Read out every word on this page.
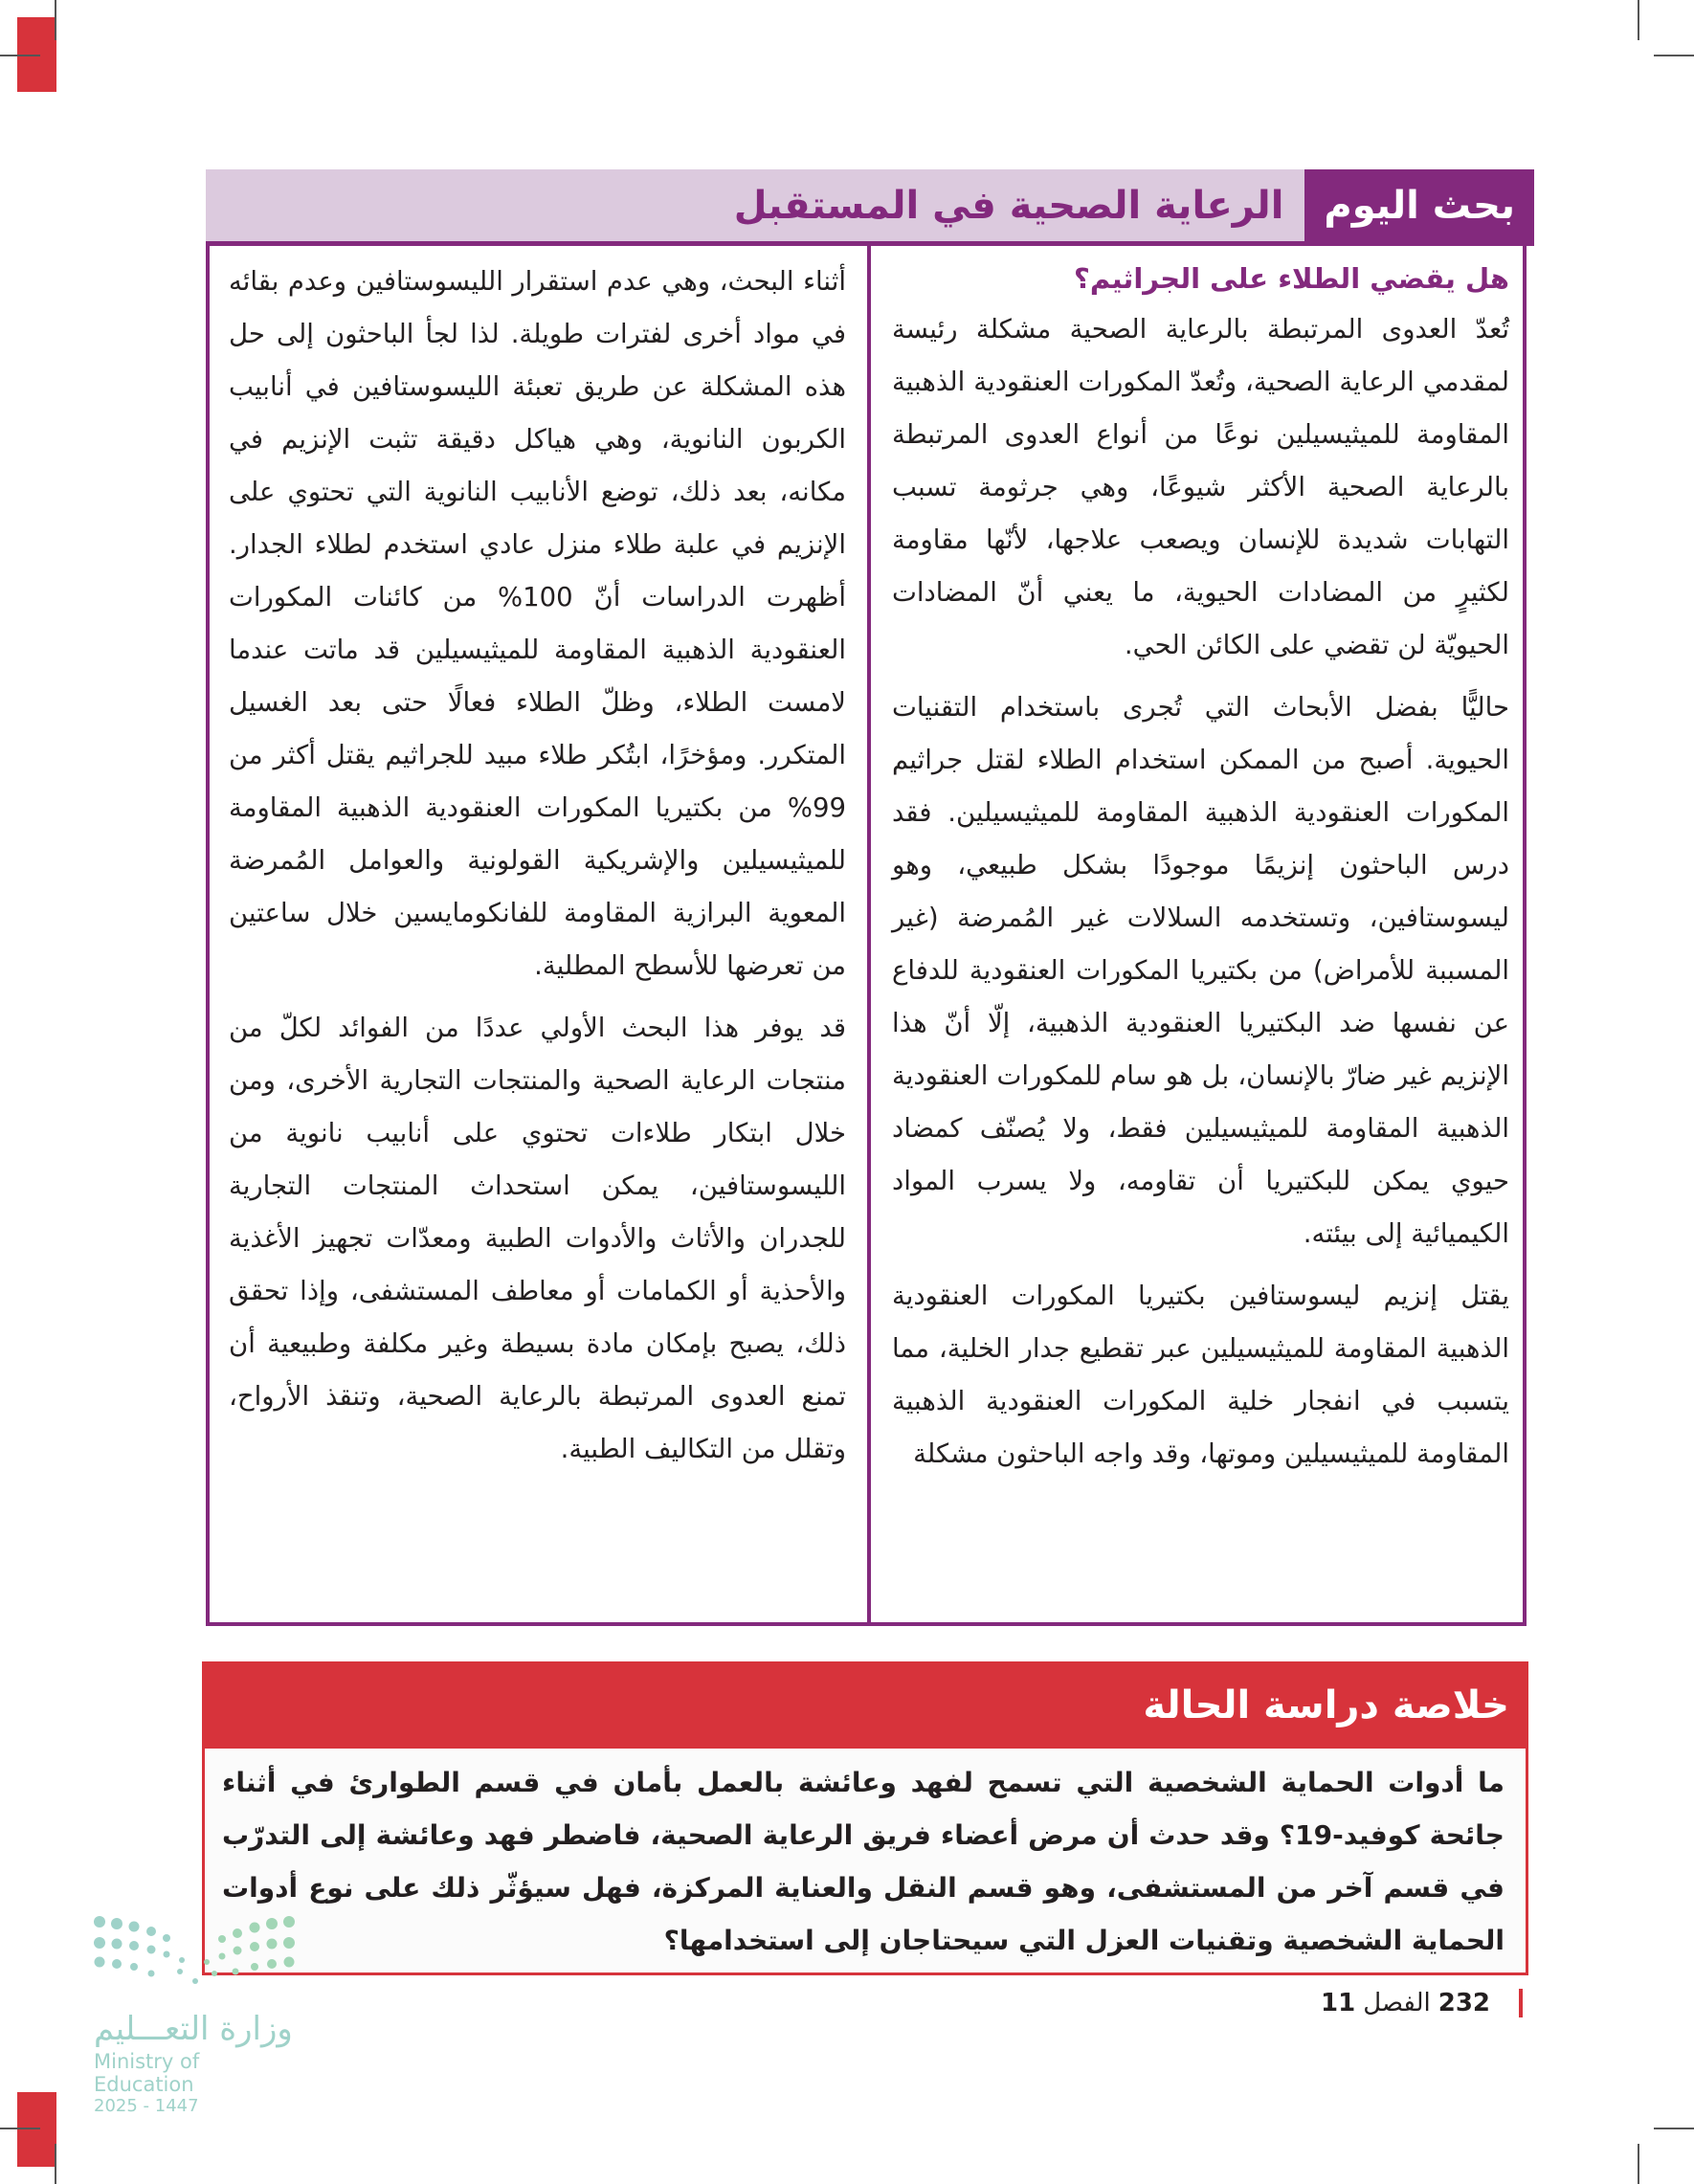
بحث اليوم
الرعاية الصحية في المستقبل
هل يقضي الطلاء على الجراثيم؟

تُعدّ العدوى المرتبطة بالرعاية الصحية مشكلة رئيسة لمقدمي الرعاية الصحية، وتُعدّ المكورات العنقودية الذهبية المقاومة للميثيسيلين نوعًا من أنواع العدوى المرتبطة بالرعاية الصحية الأكثر شيوعًا، وهي جرثومة تسبب التهابات شديدة للإنسان ويصعب علاجها، لأنّها مقاومة لكثيرٍ من المضادات الحيوية، ما يعني أنّ المضادات الحيويّة لن تقضي على الكائن الحي.

حاليًّا بفضل الأبحاث التي تُجرى باستخدام التقنيات الحيوية. أصبح من الممكن استخدام الطلاء لقتل جراثيم المكورات العنقودية الذهبية المقاومة للميثيسيلين. فقد درس الباحثون إنزيمًا موجودًا بشكل طبيعي، وهو ليسوستافين، وتستخدمه السلالات غير المُمرضة (غير المسببة للأمراض) من بكتيريا المكورات العنقودية للدفاع عن نفسها ضد البكتيريا العنقودية الذهبية، إلّا أنّ هذا الإنزيم غير ضارّ بالإنسان، بل هو سام للمكورات العنقودية الذهبية المقاومة للميثيسيلين فقط، ولا يُصنّف كمضاد حيوي يمكن للبكتيريا أن تقاومه، ولا يسرب المواد الكيميائية إلى بيئته.

يقتل إنزيم ليسوستافين بكتيريا المكورات العنقودية الذهبية المقاومة للميثيسيلين عبر تقطيع جدار الخلية، مما يتسبب في انفجار خلية المكورات العنقودية الذهبية المقاومة للميثيسيلين وموتها، وقد واجه الباحثون مشكلة

أثناء البحث، وهي عدم استقرار الليسوستافين وعدم بقائه في مواد أخرى لفترات طويلة. لذا لجأ الباحثون إلى حل هذه المشكلة عن طريق تعبئة الليسوستافين في أنابيب الكربون النانوية، وهي هياكل دقيقة تثبت الإنزيم في مكانه، بعد ذلك، توضع الأنابيب النانوية التي تحتوي على الإنزيم في علبة طلاء منزل عادي استخدم لطلاء الجدار. أظهرت الدراسات أنّ 100% من كائنات المكورات العنقودية الذهبية المقاومة للميثيسيلين قد ماتت عندما لامست الطلاء، وظلّ الطلاء فعالًا حتى بعد الغسيل المتكرر. ومؤخرًا، ابتُكر طلاء مبيد للجراثيم يقتل أكثر من 99% من بكتيريا المكورات العنقودية الذهبية المقاومة للميثيسيلين والإشريكية القولونية والعوامل المُمرضة المعوية البرازية المقاومة للفانكومايسين خلال ساعتين من تعرضها للأسطح المطلية.

قد يوفر هذا البحث الأولي عددًا من الفوائد لكلّ من منتجات الرعاية الصحية والمنتجات التجارية الأخرى، ومن خلال ابتكار طلاءات تحتوي على أنابيب نانوية من الليسوستافين، يمكن استحداث المنتجات التجارية للجدران والأثاث والأدوات الطبية ومعدّات تجهيز الأغذية والأحذية أو الكمامات أو معاطف المستشفى، وإذا تحقق ذلك، يصبح بإمكان مادة بسيطة وغير مكلفة وطبيعية أن تمنع العدوى المرتبطة بالرعاية الصحية، وتنقذ الأرواح، وتقلل من التكاليف الطبية.

خلاصة دراسة الحالة
ما أدوات الحماية الشخصية التي تسمح لفهد وعائشة بالعمل بأمان في قسم الطوارئ في أثناء جائحة كوفيد-19؟ وقد حدث أن مرض أعضاء فريق الرعاية الصحية، فاضطر فهد وعائشة إلى التدرّب في قسم آخر من المستشفى، وهو قسم النقل والعناية المركزة، فهل سيؤثّر ذلك على نوع أدوات الحماية الشخصية وتقنيات العزل التي سيحتاجان إلى استخدامها؟
وزارة التعـــليم
Ministry of Education
2025 - 1447
232
الفصل
11
